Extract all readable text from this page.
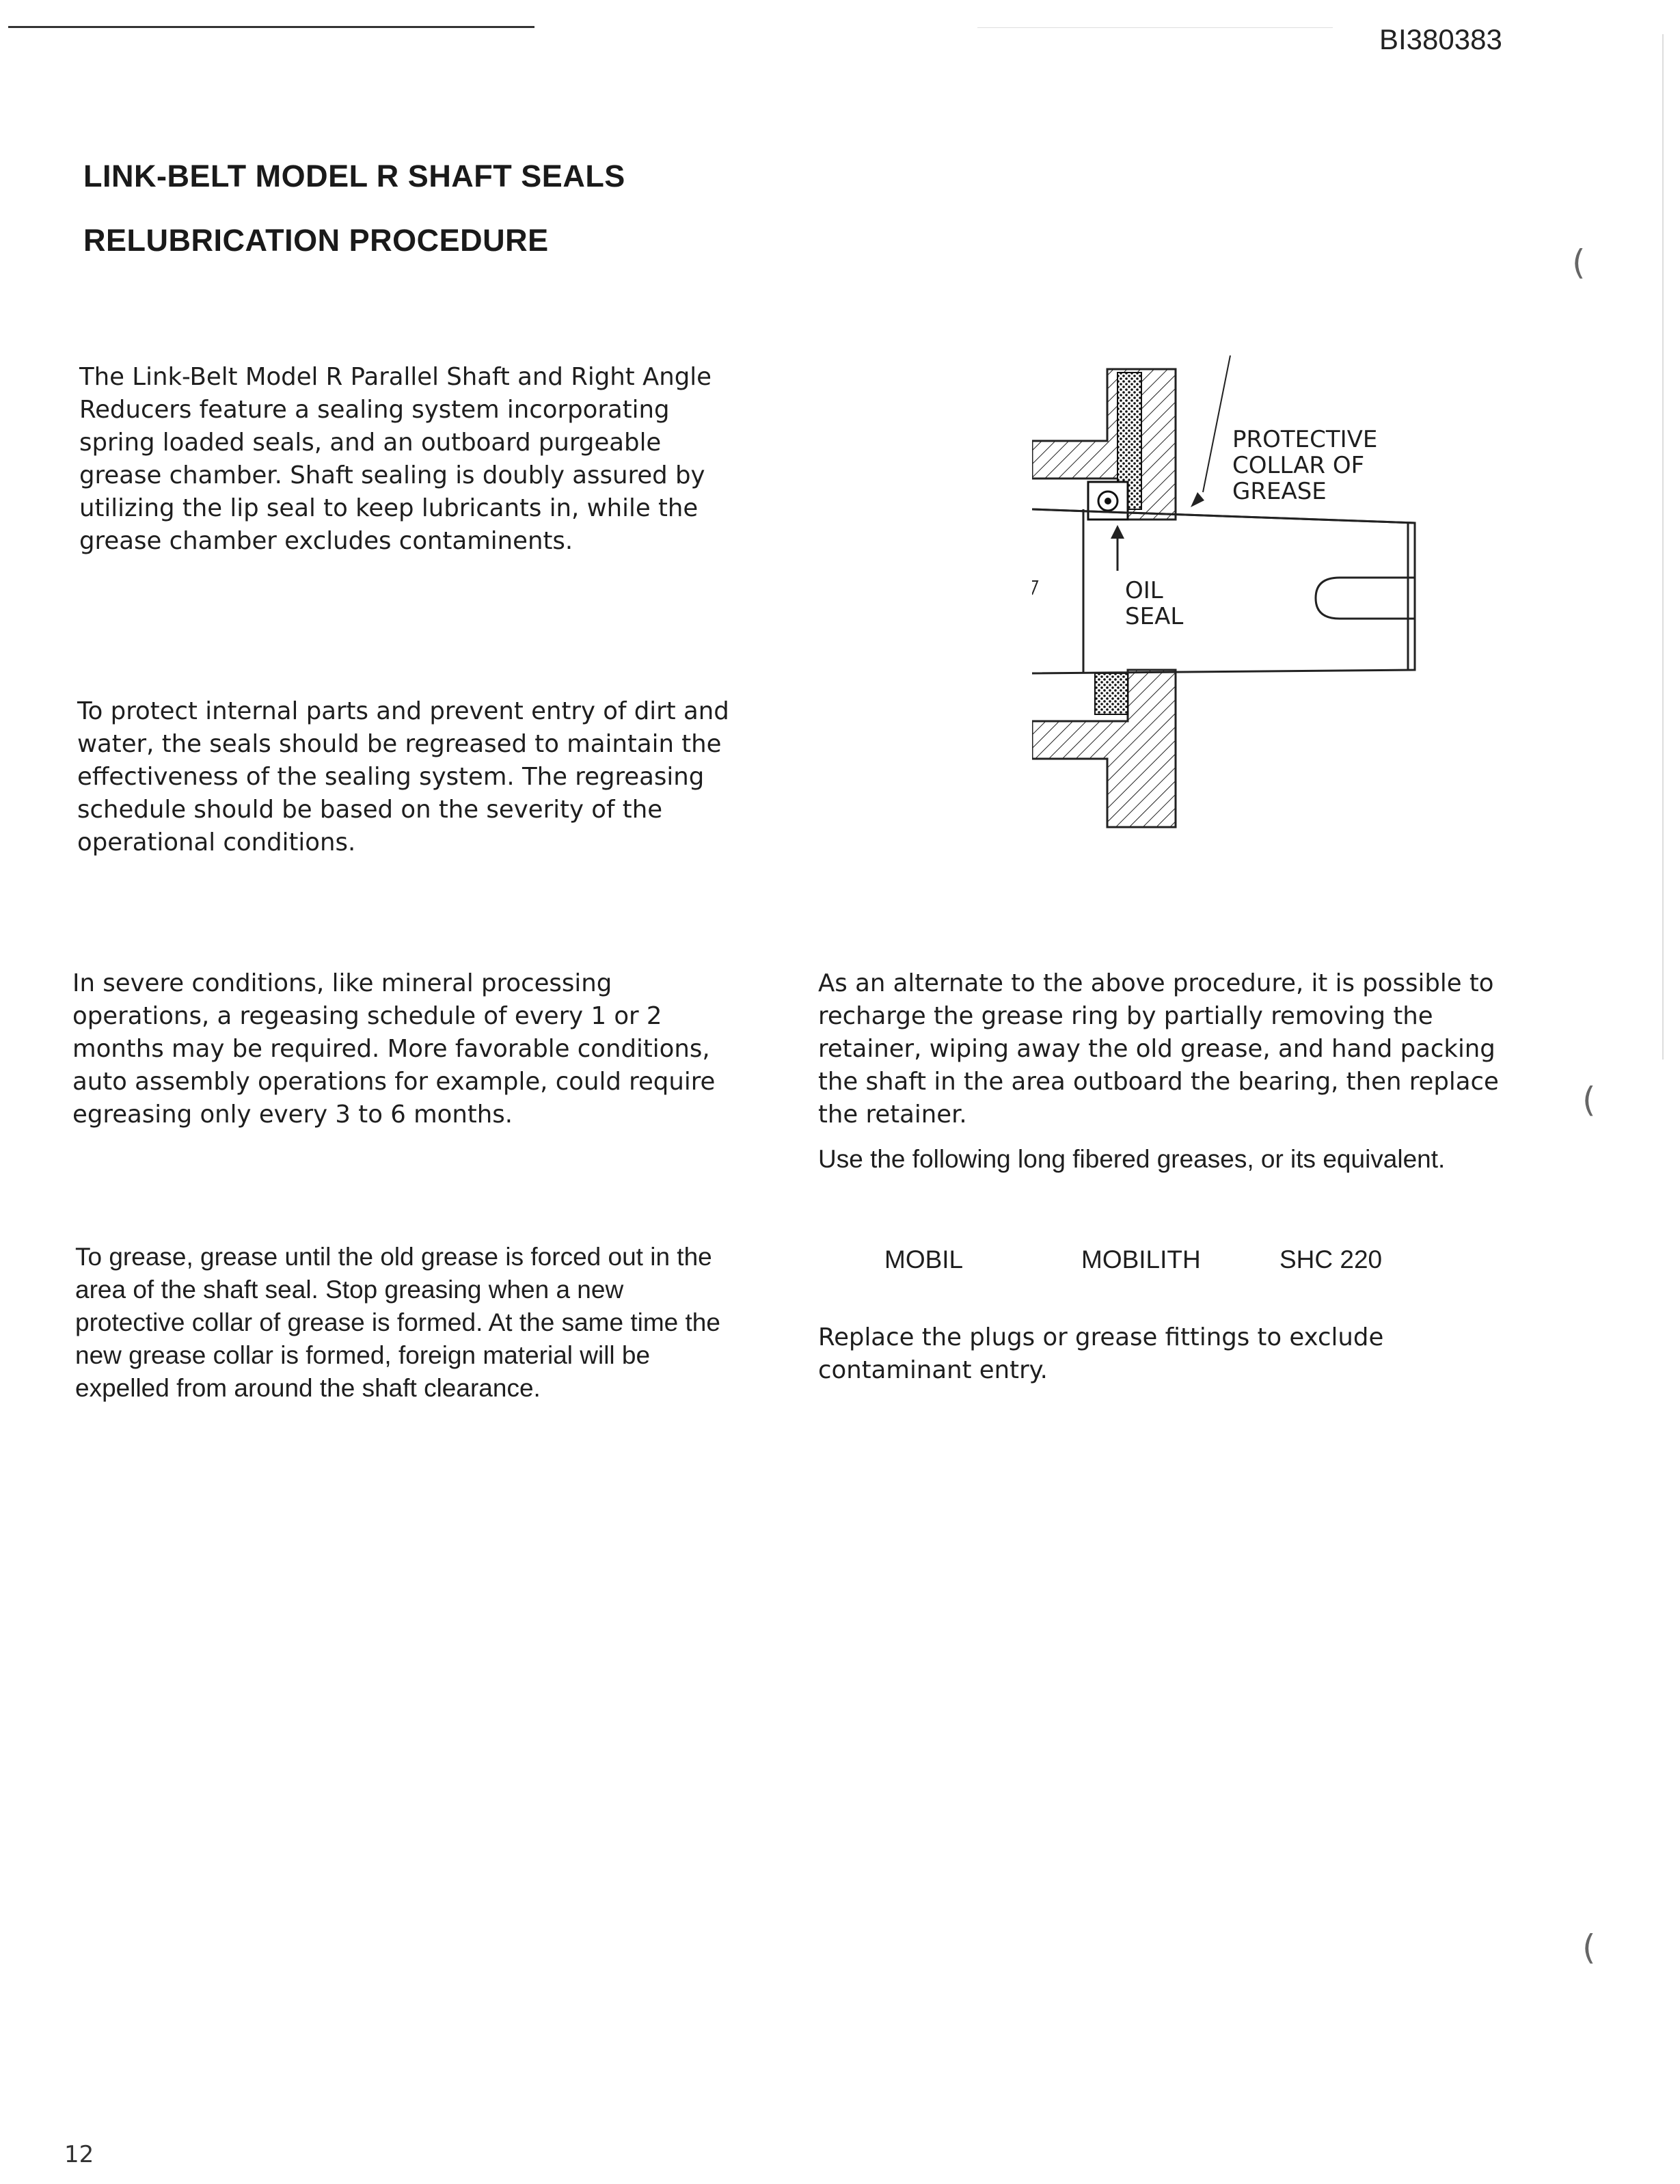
BI380383
LINK-BELT MODEL R SHAFT SEALS
RELUBRICATION PROCEDURE
The Link-Belt Model R Parallel Shaft and Right Angle Reducers feature a sealing system incorporating spring loaded seals, and an outboard purgeable grease chamber. Shaft sealing is doubly assured by utilizing the lip seal to keep lubricants in, while the grease chamber excludes contaminents.
To protect internal parts and prevent entry of dirt and water, the seals should be regreased to maintain the effectiveness of the sealing system. The regreasing schedule should be based on the severity of the operational conditions.
In severe conditions, like mineral processing operations, a regeasing schedule of every 1 or 2 months may be required. More favorable conditions, auto assembly operations for example, could require egreasing only every 3 to 6 months.
To grease, grease until the old grease is forced out in the area of the shaft seal. Stop greasing when a new protective collar of grease is formed. At the same time the new grease collar is formed, foreign material will be expelled from around the shaft clearance.
As an alternate to the above procedure, it is possible to recharge the grease ring by partially removing the retainer, wiping away the old grease, and hand packing the shaft in the area outboard the bearing, then replace the retainer.
Use the following long fibered greases, or its equivalent.
MOBIL	MOBILITH	SHC 220
Replace the plugs or grease fittings to exclude contaminant entry.
PROTECTIVE
COLLAR OF
GREASE
OIL
SEAL
(
(
(
12
